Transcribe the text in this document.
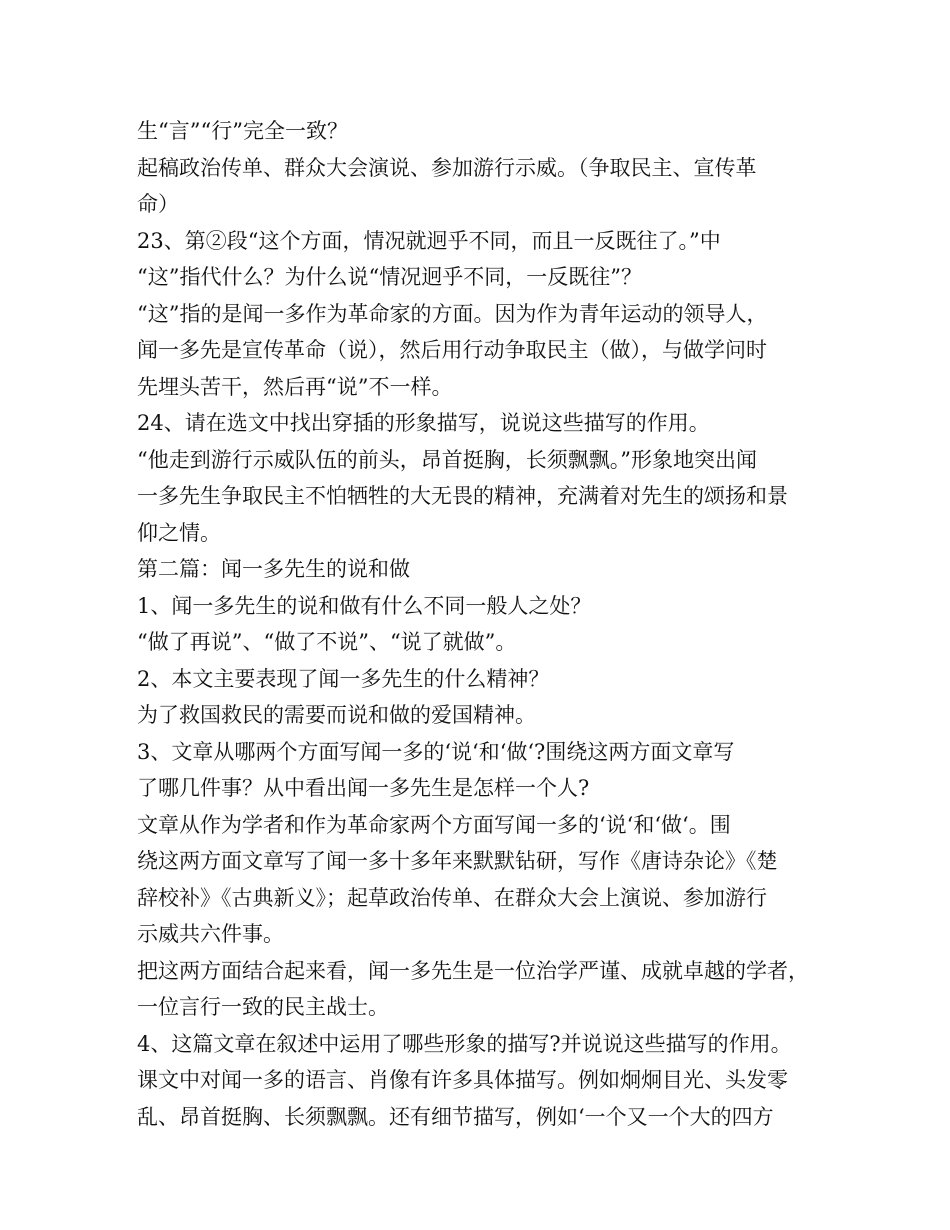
生“言”“行”完全一致？
起稿政治传单、群众大会演说、参加游行示威。（争取民主、宣传革
命）
23、第②段“这个方面，情况就迥乎不同，而且一反既往了。”中
“这”指代什么？为什么说“情况迥乎不同，一反既往”？
“这”指的是闻一多作为革命家的方面。因为作为青年运动的领导人，
闻一多先是宣传革命（说），然后用行动争取民主（做），与做学问时
先埋头苦干，然后再“说”不一样。
24、请在选文中找出穿插的形象描写，说说这些描写的作用。
“他走到游行示威队伍的前头，昂首挺胸，长须飘飘。”形象地突出闻
一多先生争取民主不怕牺牲的大无畏的精神，充满着对先生的颂扬和景
仰之情。
第二篇：闻一多先生的说和做
1、闻一多先生的说和做有什么不同一般人之处？
“做了再说”、“做了不说”、“说了就做”。
2、本文主要表现了闻一多先生的什么精神？
为了救国救民的需要而说和做的爱国精神。
3、文章从哪两个方面写闻一多的‘说‘和‘做‘?围绕这两方面文章写
了哪几件事？从中看出闻一多先生是怎样一个人?
文章从作为学者和作为革命家两个方面写闻一多的‘说‘和‘做‘。围
绕这两方面文章写了闻一多十多年来默默钻研，写作《唐诗杂论》《楚
辞校补》《古典新义》；起草政治传单、在群众大会上演说、参加游行
示威共六件事。
把这两方面结合起来看，闻一多先生是一位治学严谨、成就卓越的学者，
一位言行一致的民主战士。
4、这篇文章在叙述中运用了哪些形象的描写?并说说这些描写的作用。
课文中对闻一多的语言、肖像有许多具体描写。例如炯炯目光、头发零
乱、昂首挺胸、长须飘飘。还有细节描写，例如‘一个又一个大的四方
